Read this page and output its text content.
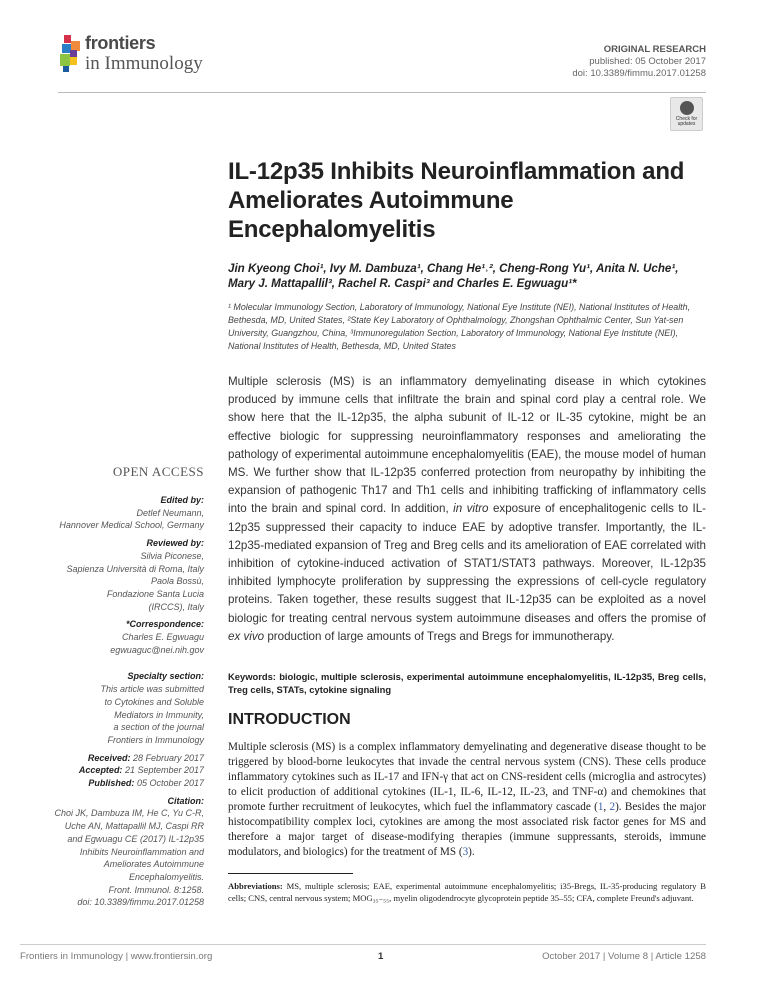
frontiers
in Immunology
ORIGINAL RESEARCH
published: 05 October 2017
doi: 10.3389/fimmu.2017.01258
Check for updates
IL-12p35 Inhibits Neuroinflammation and Ameliorates Autoimmune Encephalomyelitis
Jin Kyeong Choi¹, Ivy M. Dambuza¹, Chang He¹˒², Cheng-Rong Yu¹, Anita N. Uche¹, Mary J. Mattapallil³, Rachel R. Caspi³ and Charles E. Egwuagu¹*
¹ Molecular Immunology Section, Laboratory of Immunology, National Eye Institute (NEI), National Institutes of Health, Bethesda, MD, United States, ²State Key Laboratory of Ophthalmology, Zhongshan Ophthalmic Center, Sun Yat-sen University, Guangzhou, China, ³Immunoregulation Section, Laboratory of Immunology, National Eye Institute (NEI), National Institutes of Health, Bethesda, MD, United States
OPEN ACCESS
Edited by:
Detlef Neumann,
Hannover Medical School, Germany
Reviewed by:
Silvia Piconese,
Sapienza Università di Roma, Italy
Paola Bossù,
Fondazione Santa Lucia
(IRCCS), Italy
*Correspondence:
Charles E. Egwuagu
egwuaguc@nei.nih.gov
Specialty section:
This article was submitted
to Cytokines and Soluble
Mediators in Immunity,
a section of the journal
Frontiers in Immunology
Received: 28 February 2017
Accepted: 21 September 2017
Published: 05 October 2017
Citation:
Choi JK, Dambuza IM, He C, Yu C-R,
Uche AN, Mattapallil MJ, Caspi RR
and Egwuagu CE (2017) IL-12p35
Inhibits Neuroinflammation and
Ameliorates Autoimmune
Encephalomyelitis.
Front. Immunol. 8:1258.
doi: 10.3389/fimmu.2017.01258
Multiple sclerosis (MS) is an inflammatory demyelinating disease in which cytokines produced by immune cells that infiltrate the brain and spinal cord play a central role. We show here that the IL-12p35, the alpha subunit of IL-12 or IL-35 cytokine, might be an effective biologic for suppressing neuroinflammatory responses and ameliorating the pathology of experimental autoimmune encephalomyelitis (EAE), the mouse model of human MS. We further show that IL-12p35 conferred protection from neuropathy by inhibiting the expansion of pathogenic Th17 and Th1 cells and inhibiting trafficking of inflammatory cells into the brain and spinal cord. In addition, in vitro exposure of encephalitogenic cells to IL-12p35 suppressed their capacity to induce EAE by adoptive transfer. Importantly, the IL-12p35-mediated expansion of Treg and Breg cells and its amelioration of EAE correlated with inhibition of cytokine-induced activation of STAT1/STAT3 pathways. Moreover, IL-12p35 inhibited lymphocyte proliferation by suppressing the expressions of cell-cycle regulatory proteins. Taken together, these results suggest that IL-12p35 can be exploited as a novel biologic for treating central nervous system autoimmune diseases and offers the promise of ex vivo production of large amounts of Tregs and Bregs for immunotherapy.
Keywords: biologic, multiple sclerosis, experimental autoimmune encephalomyelitis, IL-12p35, Breg cells, Treg cells, STATs, cytokine signaling
INTRODUCTION
Multiple sclerosis (MS) is a complex inflammatory demyelinating and degenerative disease thought to be triggered by blood-borne leukocytes that invade the central nervous system (CNS). These cells produce inflammatory cytokines such as IL-17 and IFN-γ that act on CNS-resident cells (microglia and astrocytes) to elicit production of additional cytokines (IL-1, IL-6, IL-12, IL-23, and TNF-α) and chemokines that promote further recruitment of leukocytes, which fuel the inflammatory cascade (1, 2). Besides the major histocompatibility complex loci, cytokines are among the most associated risk factor genes for MS and therefore a major target of disease-modifying therapies (immune suppressants, steroids, immune modulators, and biologics) for the treatment of MS (3).
Abbreviations: MS, multiple sclerosis; EAE, experimental autoimmune encephalomyelitis; i35-Bregs, IL-35-producing regulatory B cells; CNS, central nervous system; MOG₃₅₋₅₅, myelin oligodendrocyte glycoprotein peptide 35–55; CFA, complete Freund's adjuvant.
Frontiers in Immunology | www.frontiersin.org	1	October 2017 | Volume 8 | Article 1258
